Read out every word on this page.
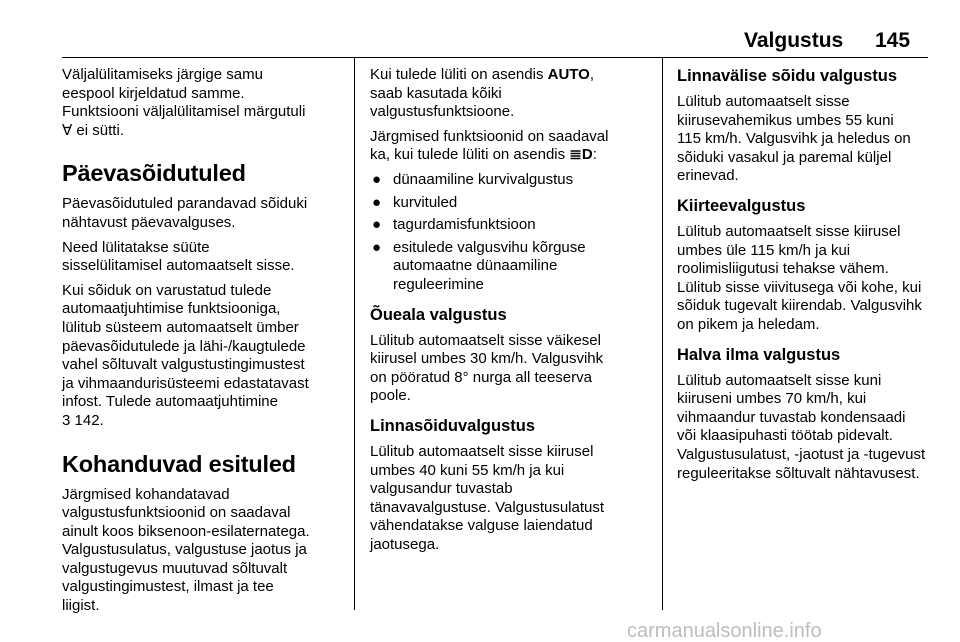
Valgustus 145

Väljalülitamiseks järgige samu
eespool kirjeldatud samme.
Funktsiooni väljalülitamisel märgutuli
Ɐ ei sütti.

Päevasõidutuled

Päevasõidutuled parandavad sõiduki
nähtavust päevavalguses.

Need lülitatakse süüte
sisselülitamisel automaatselt sisse.

Kui sõiduk on varustatud tulede
automaatjuhtimise funktsiooniga,
lülitub süsteem automaatselt ümber
päevasõidutulede ja lähi-/kaugtulede
vahel sõltuvalt valgustustingimustest
ja vihmaandurisüsteemi edastatavast
infost. Tulede automaatjuhtimine
3 142.

Kohanduvad esituled

Järgmised kohandatavad
valgustusfunktsioonid on saadaval
ainult koos biksenoon-esilaternatega.
Valgustusulatus, valgustuse jaotus ja
valgustugevus muutuvad sõltuvalt
valgustingimustest, ilmast ja tee
liigist.

Kui tulede lüliti on asendis AUTO,
saab kasutada kõiki
valgustusfunktsioone.

Järgmised funktsioonid on saadaval
ka, kui tulede lüliti on asendis ≣D:

● dünaamiline kurvivalgustus
● kurvituled
● tagurdamisfunktsioon
● esitulede valgusvihu kõrguse
automaatne dünaamiline
reguleerimine
Õueala valgustus

Lülitub automaatselt sisse väikesel
kiirusel umbes 30 km/h. Valgusvihk
on pööratud 8° nurga all teeserva
poole.

Linnasõiduvalgustus

Lülitub automaatselt sisse kiirusel
umbes 40 kuni 55 km/h ja kui
valgusandur tuvastab
tänavavalgustuse. Valgustusulatust
vähendatakse valguse laiendatud
jaotusega.

Linnavälise sõidu valgustus

Lülitub automaatselt sisse
kiirusevahemikus umbes 55 kuni
115 km/h. Valgusvihk ja heledus on
sõiduki vasakul ja paremal küljel
erinevad.

Kiirteevalgustus

Lülitub automaatselt sisse kiirusel
umbes üle 115 km/h ja kui
roolimisliigutusi tehakse vähem.
Lülitub sisse viivitusega või kohe, kui
sõiduk tugevalt kiirendab. Valgusvihk
on pikem ja heledam.

Halva ilma valgustus

Lülitub automaatselt sisse kuni
kiiruseni umbes 70 km/h, kui
vihmaandur tuvastab kondensaadi
või klaasipuhasti töötab pidevalt.
Valgustusulatust, -jaotust ja -tugevust
reguleeritakse sõltuvalt nähtavusest.

carmanualsonline.info
